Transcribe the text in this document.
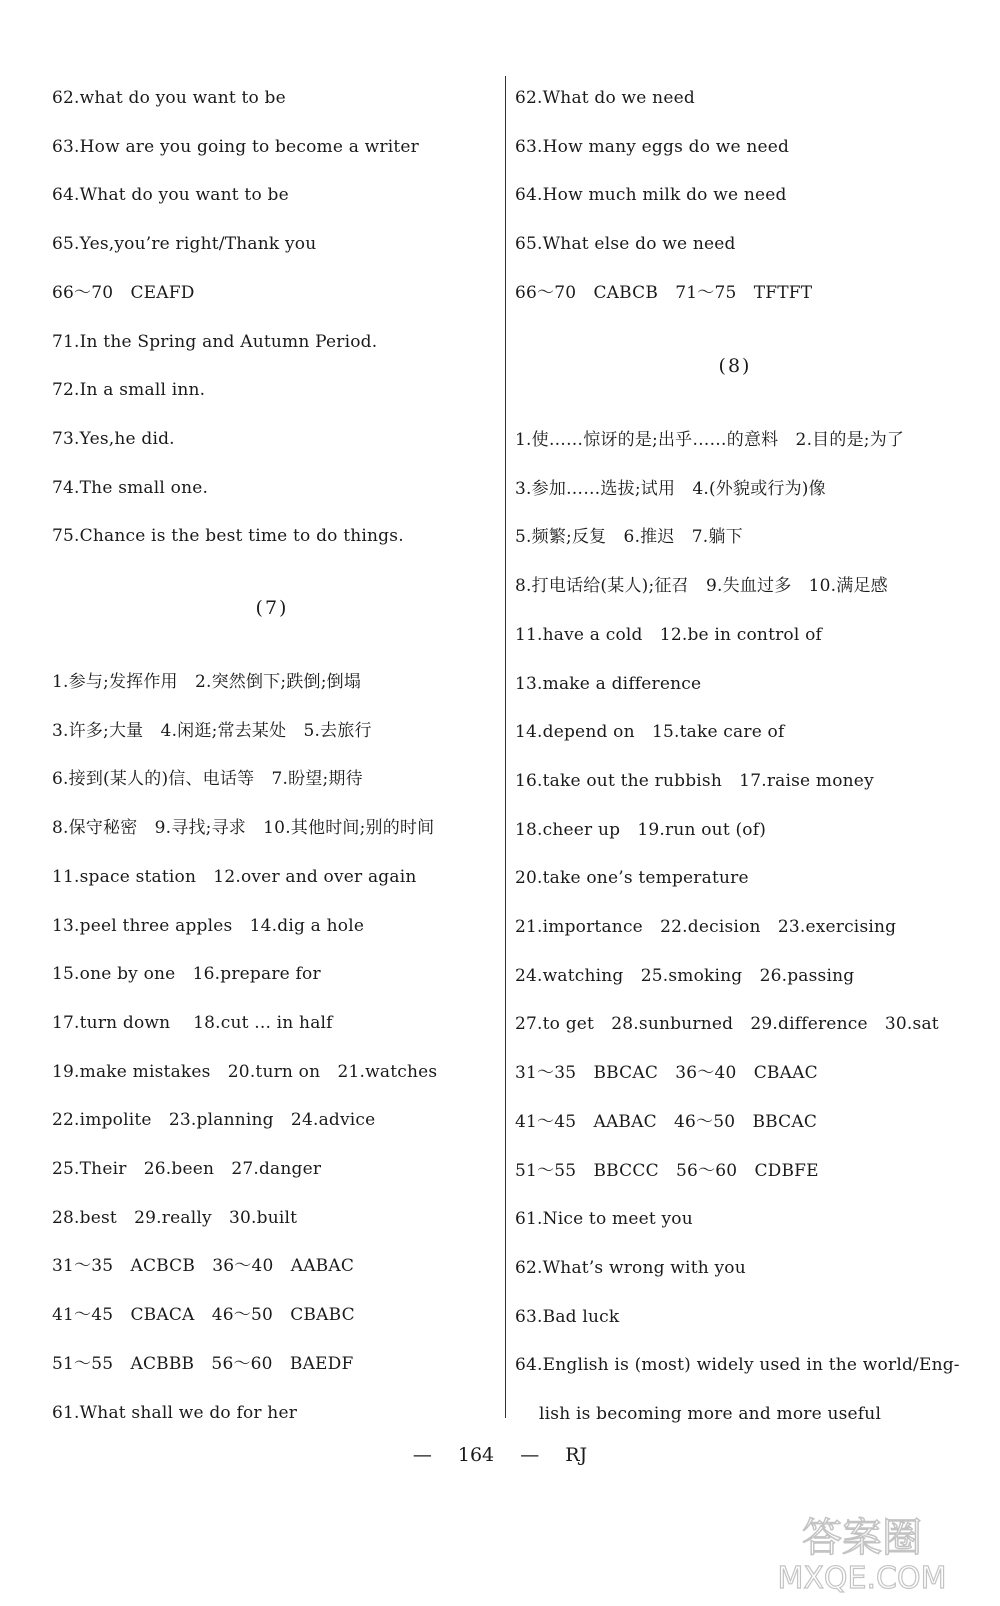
62.what do you want to be
63.How are you going to become a writer
64.What do you want to be
65.Yes,you’re right/Thank you
66～70　CEAFD
71.In the Spring and Autumn Period.
72.In a small inn.
73.Yes,he did.
74.The small one.
75.Chance is the best time to do things.
(7)
1.参与;发挥作用　2.突然倒下;跌倒;倒塌
3.许多;大量　4.闲逛;常去某处　5.去旅行
6.接到(某人的)信、电话等　7.盼望;期待
8.保守秘密　9.寻找;寻求　10.其他时间;别的时间
11.space station　12.over and over again
13.peel three apples　14.dig a hole
15.one by one　16.prepare for
17.turn down　 18.cut ... in half
19.make mistakes　20.turn on　21.watches
22.impolite　23.planning　24.advice
25.Their　26.been　27.danger
28.best　29.really　30.built
31～35　ACBCB　36～40　AABAC
41～45　CBACA　46～50　CBABC
51～55　ACBBB　56～60　BAEDF
61.What shall we do for her
62.What do we need
63.How many eggs do we need
64.How much milk do we need
65.What else do we need
66～70　CABCB　71～75　TFTFT
(8)
1.使……惊讶的是;出乎……的意料　2.目的是;为了
3.参加……选拔;试用　4.(外貌或行为)像
5.频繁;反复　6.推迟　7.躺下
8.打电话给(某人);征召　9.失血过多　10.满足感
11.have a cold　12.be in control of
13.make a difference
14.depend on　15.take care of
16.take out the rubbish　17.raise money
18.cheer up　19.run out (of)
20.take one’s temperature
21.importance　22.decision　23.exercising
24.watching　25.smoking　26.passing
27.to get　28.sunburned　29.difference　30.sat
31～35　BBCAC　36～40　CBAAC
41～45　AABAC　46～50　BBCAC
51～55　BBCCC　56～60　CDBFE
61.Nice to meet you
62.What’s wrong with you
63.Bad luck
64.English is (most) widely used in the world/Eng-
lish is becoming more and more useful
— 164 — RJ
答案圈
MXQE.COM
